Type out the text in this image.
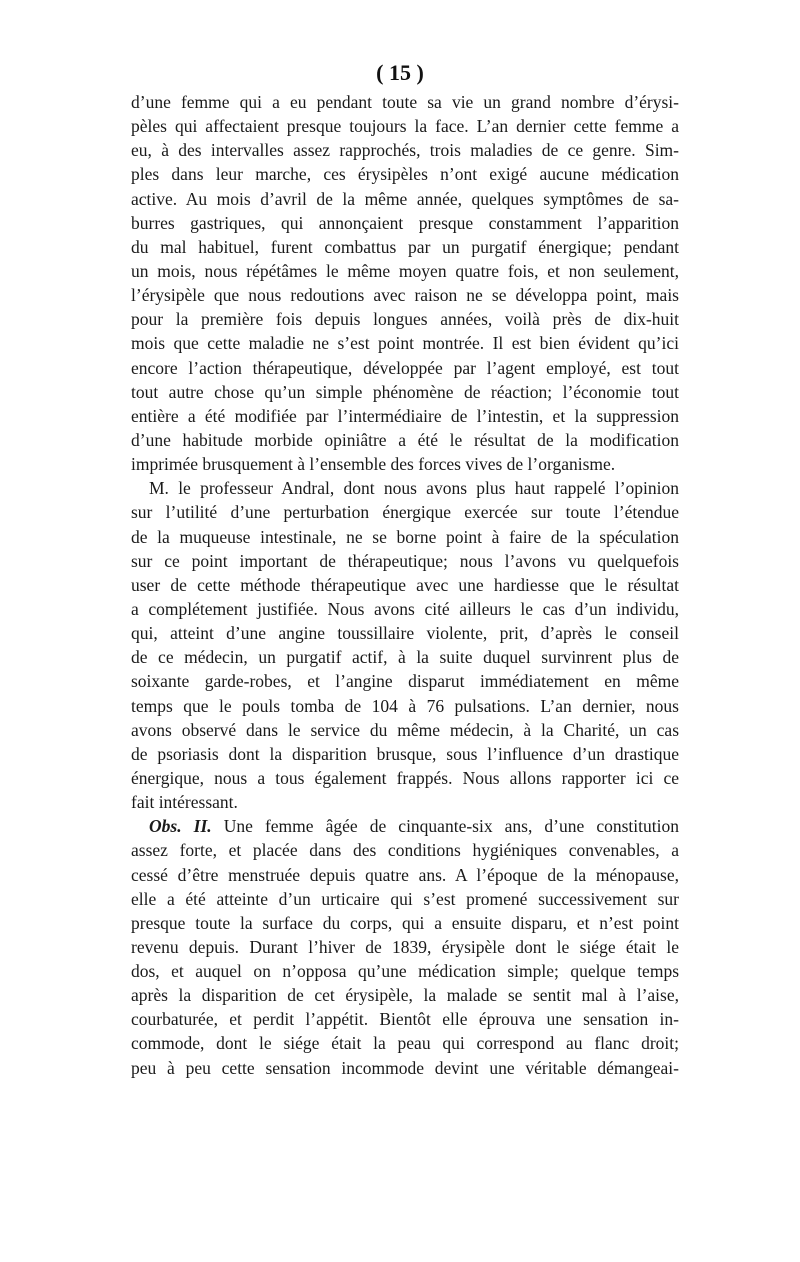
( 15 )
d’une femme qui a eu pendant toute sa vie un grand nombre d’érysi-
pèles qui affectaient presque toujours la face. L’an dernier cette femme a
eu, à des intervalles assez rapprochés, trois maladies de ce genre. Sim-
ples dans leur marche, ces érysipèles n’ont exigé aucune médication
active. Au mois d’avril de la même année, quelques symptômes de sa-
burres gastriques, qui annonçaient presque constamment l’apparition
du mal habituel, furent combattus par un purgatif énergique; pendant
un mois, nous répétâmes le même moyen quatre fois, et non seulement,
l’érysipèle que nous redoutions avec raison ne se développa point, mais
pour la première fois depuis longues années, voilà près de dix-huit
mois que cette maladie ne s’est point montrée. Il est bien évident qu’ici
encore l’action thérapeutique, développée par l’agent employé, est tout
tout autre chose qu’un simple phénomène de réaction; l’économie tout
entière a été modifiée par l’intermédiaire de l’intestin, et la suppression
d’une habitude morbide opiniâtre a été le résultat de la modification
imprimée brusquement à l’ensemble des forces vives de l’organisme.
M. le professeur Andral, dont nous avons plus haut rappelé l’opinion
sur l’utilité d’une perturbation énergique exercée sur toute l’étendue
de la muqueuse intestinale, ne se borne point à faire de la spéculation
sur ce point important de thérapeutique; nous l’avons vu quelquefois
user de cette méthode thérapeutique avec une hardiesse que le résultat
a complétement justifiée. Nous avons cité ailleurs le cas d’un individu,
qui, atteint d’une angine toussillaire violente, prit, d’après le conseil
de ce médecin, un purgatif actif, à la suite duquel survinrent plus de
soixante garde-robes, et l’angine disparut immédiatement en même
temps que le pouls tomba de 104 à 76 pulsations. L’an dernier, nous
avons observé dans le service du même médecin, à la Charité, un cas
de psoriasis dont la disparition brusque, sous l’influence d’un drastique
énergique, nous a tous également frappés. Nous allons rapporter ici ce
fait intéressant.
Obs. II. Une femme âgée de cinquante-six ans, d’une constitution
assez forte, et placée dans des conditions hygiéniques convenables, a
cessé d’être menstruée depuis quatre ans. A l’époque de la ménopause,
elle a été atteinte d’un urticaire qui s’est promené successivement sur
presque toute la surface du corps, qui a ensuite disparu, et n’est point
revenu depuis. Durant l’hiver de 1839, érysipèle dont le siége était le
dos, et auquel on n’opposa qu’une médication simple; quelque temps
après la disparition de cet érysipèle, la malade se sentit mal à l’aise,
courbaturée, et perdit l’appétit. Bientôt elle éprouva une sensation in-
commode, dont le siége était la peau qui correspond au flanc droit;
peu à peu cette sensation incommode devint une véritable démangeai-
